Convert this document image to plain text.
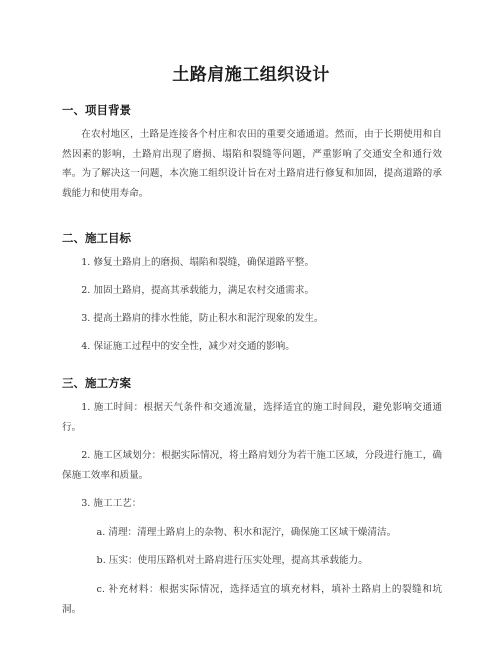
土路肩施工组织设计
一、项目背景
在农村地区，土路是连接各个村庄和农田的重要交通通道。然而，由于长期使用和自然因素的影响，土路肩出现了磨损、塌陷和裂缝等问题，严重影响了交通安全和通行效率。为了解决这一问题，本次施工组织设计旨在对土路肩进行修复和加固，提高道路的承载能力和使用寿命。
二、施工目标
1. 修复土路肩上的磨损、塌陷和裂缝，确保道路平整。
2. 加固土路肩，提高其承载能力，满足农村交通需求。
3. 提高土路肩的排水性能，防止积水和泥泞现象的发生。
4. 保证施工过程中的安全性，减少对交通的影响。
三、施工方案
1. 施工时间：根据天气条件和交通流量，选择适宜的施工时间段，避免影响交通通行。
2. 施工区域划分：根据实际情况，将土路肩划分为若干施工区域，分段进行施工，确保施工效率和质量。
3. 施工工艺：
a. 清理：清理土路肩上的杂物、积水和泥泞，确保施工区域干燥清洁。
b. 压实：使用压路机对土路肩进行压实处理，提高其承载能力。
c. 补充材料：根据实际情况，选择适宜的填充材料，填补土路肩上的裂缝和坑洞。
